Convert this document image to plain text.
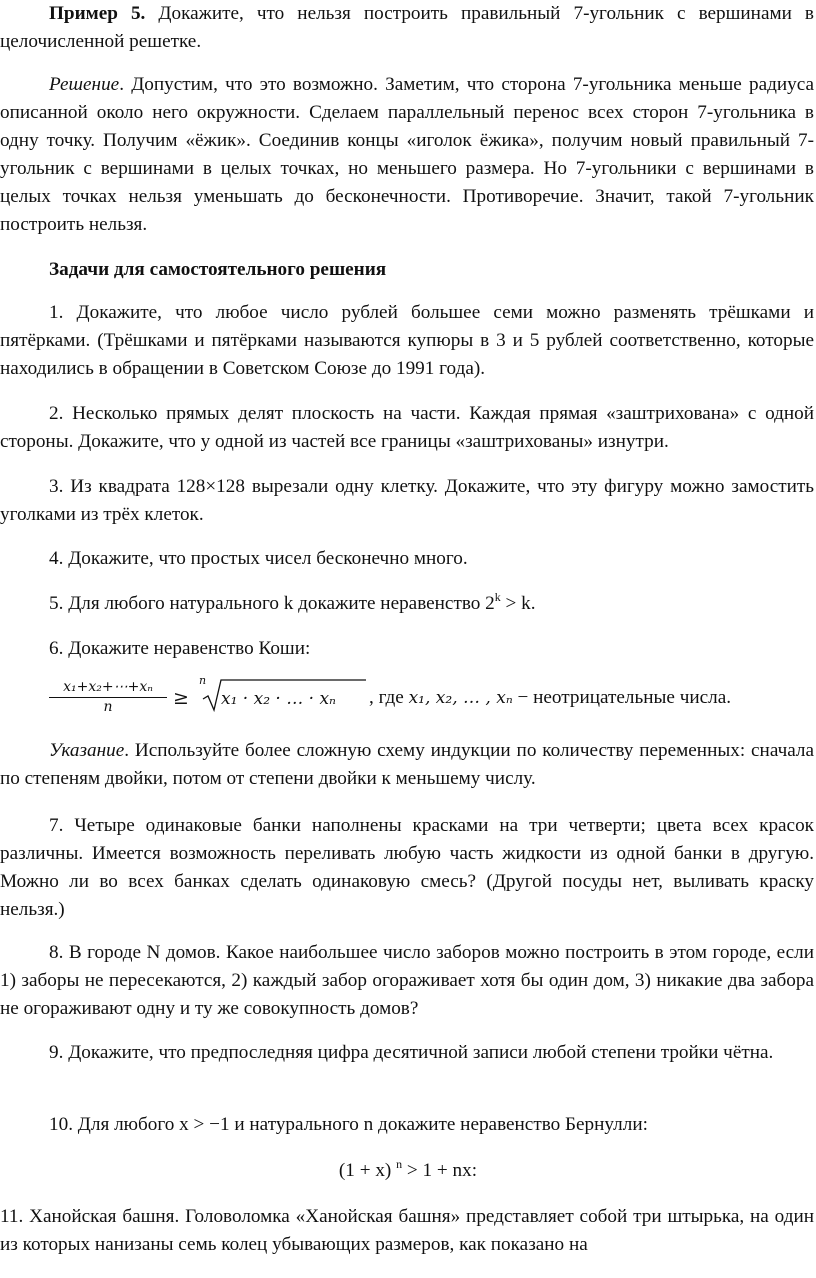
Пример 5. Докажите, что нельзя построить правильный 7-угольник с вершинами в целочисленной решетке.

Решение. Допустим, что это возможно. Заметим, что сторона 7-угольника меньше радиуса описанной около него окружности. Сделаем параллельный перенос всех сторон 7-угольника в одну точку. Получим «ёжик». Соединив концы «иголок ёжика», получим новый правильный 7-угольник с вершинами в целых точках, но меньшего размера. Но 7-угольники с вершинами в целых точках нельзя уменьшать до бесконечности. Противоречие. Значит, такой 7-угольник построить нельзя.

Задачи для самостоятельного решения

1. Докажите, что любое число рублей большее семи можно разменять трёшками и пятёрками. (Трёшками и пятёрками называются купюры в 3 и 5 рублей соответственно, которые находились в обращении в Советском Союзе до 1991 года).

2. Несколько прямых делят плоскость на части. Каждая прямая «заштрихована» с одной стороны. Докажите, что у одной из частей все границы «заштрихованы» изнутри.

3. Из квадрата 128×128 вырезали одну клетку. Докажите, что эту фигуру можно замостить уголками из трёх клеток.

4. Докажите, что простых чисел бесконечно много.

5. Для любого натурального k докажите неравенство $2^k > k$.

6. Докажите неравенство Коши:

$\frac{\text{x₁+x₂+⋯+xₙ}}{n}$ ≥
n
x₁ · x₂ · … · xₙ , где x₁, x₂, … , xₙ − неотрицательные числа.

Указание. Используйте более сложную схему индукции по количеству переменных: сначала по степеням двойки, потом от степени двойки к меньшему числу.

7. Четыре одинаковые банки наполнены красками на три четверти; цвета всех красок различны. Имеется возможность переливать любую часть жидкости из одной банки в другую. Можно ли во всех банках сделать одинаковую смесь? (Другой посуды нет, выливать краску нельзя.)

8. В городе N домов. Какое наибольшее число заборов можно построить в этом городе, если 1) заборы не пересекаются, 2) каждый забор огораживает хотя бы один дом, 3) никакие два забора не огораживают одну и ту же совокупность домов?

9. Докажите, что предпоследняя цифра десятичной записи любой степени тройки чётна.

10. Для любого x > −1 и натурального n докажите неравенство Бернулли:

(1 + x) $^n$ > 1 + nx:

11. Ханойская башня. Головоломка «Ханойская башня» представляет собой три штырька, на один из которых нанизаны семь колец убывающих размеров, как показано на
